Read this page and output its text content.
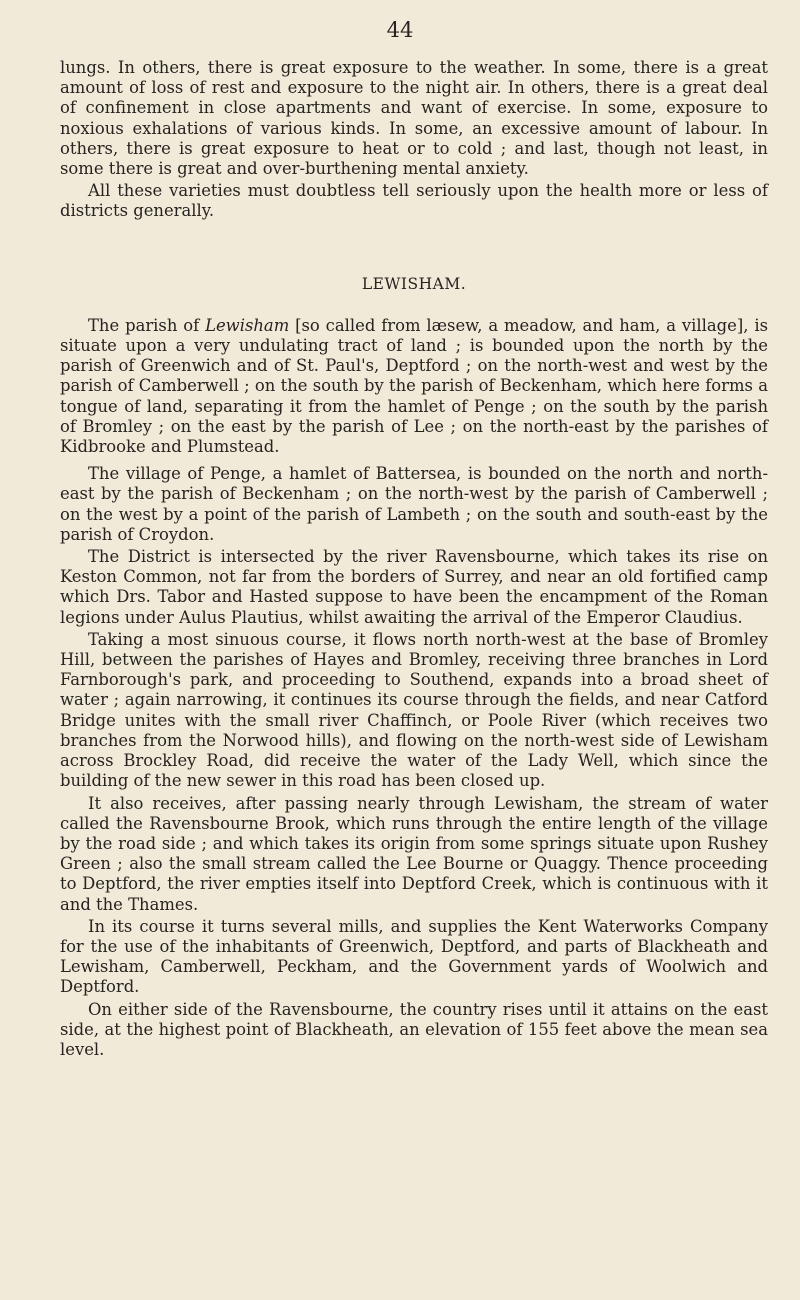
44

lungs. In others, there is great exposure to the weather. In some, there is a great amount of loss of rest and exposure to the night air. In others, there is a great deal of confinement in close apartments and want of exercise. In some, exposure to noxious exhalations of various kinds. In some, an excessive amount of labour. In others, there is great exposure to heat or to cold ; and last, though not least, in some there is great and over-burthening mental anxiety.

All these varieties must doubtless tell seriously upon the health more or less of districts generally.

LEWISHAM.

The parish of Lewisham [so called from læsew, a meadow, and ham, a village], is situate upon a very undulating tract of land ; is bounded upon the north by the parish of Greenwich and of St. Paul's, Deptford ; on the north-west and west by the parish of Camberwell ; on the south by the parish of Beckenham, which here forms a tongue of land, separating it from the hamlet of Penge ; on the south by the parish of Bromley ; on the east by the parish of Lee ; on the north-east by the parishes of Kidbrooke and Plumstead.

The village of Penge, a hamlet of Battersea, is bounded on the north and north-east by the parish of Beckenham ; on the north-west by the parish of Camberwell ; on the west by a point of the parish of Lambeth ; on the south and south-east by the parish of Croydon.

The District is intersected by the river Ravensbourne, which takes its rise on Keston Common, not far from the borders of Surrey, and near an old fortified camp which Drs. Tabor and Hasted suppose to have been the encampment of the Roman legions under Aulus Plautius, whilst awaiting the arrival of the Emperor Claudius.

Taking a most sinuous course, it flows north north-west at the base of Bromley Hill, between the parishes of Hayes and Bromley, receiving three branches in Lord Farnborough's park, and proceeding to Southend, expands into a broad sheet of water ; again narrowing, it continues its course through the fields, and near Catford Bridge unites with the small river Chaffinch, or Poole River (which receives two branches from the Norwood hills), and flowing on the north-west side of Lewisham across Brockley Road, did receive the water of the Lady Well, which since the building of the new sewer in this road has been closed up.

It also receives, after passing nearly through Lewisham, the stream of water called the Ravensbourne Brook, which runs through the entire length of the village by the road side ; and which takes its origin from some springs situate upon Rushey Green ; also the small stream called the Lee Bourne or Quaggy. Thence proceeding to Deptford, the river empties itself into Deptford Creek, which is continuous with it and the Thames.

In its course it turns several mills, and supplies the Kent Waterworks Company for the use of the inhabitants of Greenwich, Deptford, and parts of Blackheath and Lewisham, Camberwell, Peckham, and the Government yards of Woolwich and Deptford.

On either side of the Ravensbourne, the country rises until it attains on the east side, at the highest point of Blackheath, an elevation of 155 feet above the mean sea level.
